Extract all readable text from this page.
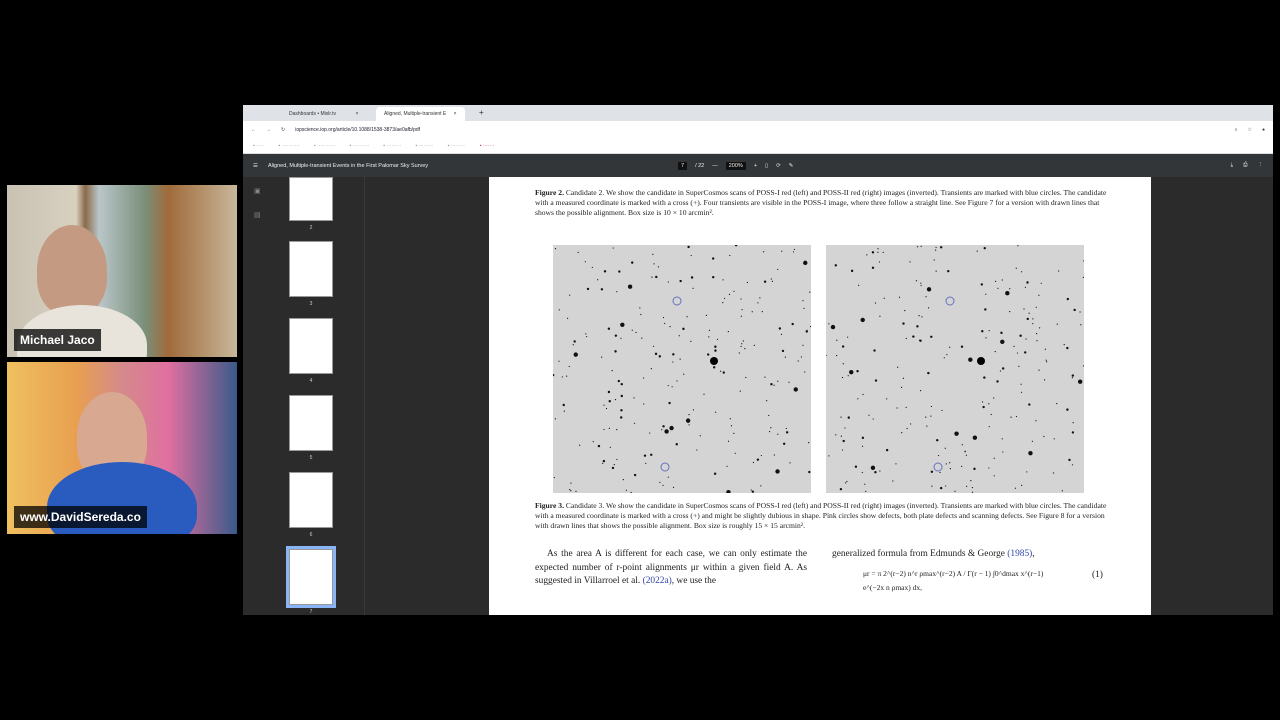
Michael Jaco
www.DavidSereda.co
Dashboards • Mixlr.tv	×	Aligned, Multiple-transient E ×	+
← → ↻ iopscience.iop.org/article/10.1088/1538-3873/ae0afb/pdf	⌕ ☆ ●
▪ ·····	▪ ···········	▪ ···········	▪ ··········	▪ ·········	▪ ·········	▪ ·········	▪ ·······
☰ Aligned, Multiple-transient Events in the First Palomar Sky Survey	7	/ 22 —	200%	+ ▯ ⟳ ✎	⤓ ⎙ ⋮
2
3
4
5
6
7
▣
▤
Figure 2. Candidate 2. We show the candidate in SuperCosmos scans of POSS-I red (left) and POSS-II red (right) images (inverted). Transients are marked with blue circles. The candidate with a measured coordinate is marked with a cross (+). Four transients are visible in the POSS-I image, where three follow a straight line. See Figure 7 for a version with drawn lines that shows the possible alignment. Box size is 10 × 10 arcmin².
Figure 3. Candidate 3. We show the candidate in SuperCosmos scans of POSS-I red (left) and POSS-II red (right) images (inverted). Transients are marked with blue circles. The candidate with a measured coordinate is marked with a cross (+) and might be slightly dubious in shape. Pink circles show defects, both plate defects and scanning defects. See Figure 8 for a version with drawn lines that shows the possible alignment. Box size is roughly 15 × 15 arcmin².
As the area A is different for each case, we can only estimate the expected number of r-point alignments μr within a given field A. As suggested in Villarroel et al. (2022a), we use the
generalized formula from Edmunds & George (1985),
μr = π 2^(r−2) n^r ρmax^(r−2) A / Γ(r − 1) ∫0^dmax x^(r−1) e^(−2x n ρmax) dx,
(1)
